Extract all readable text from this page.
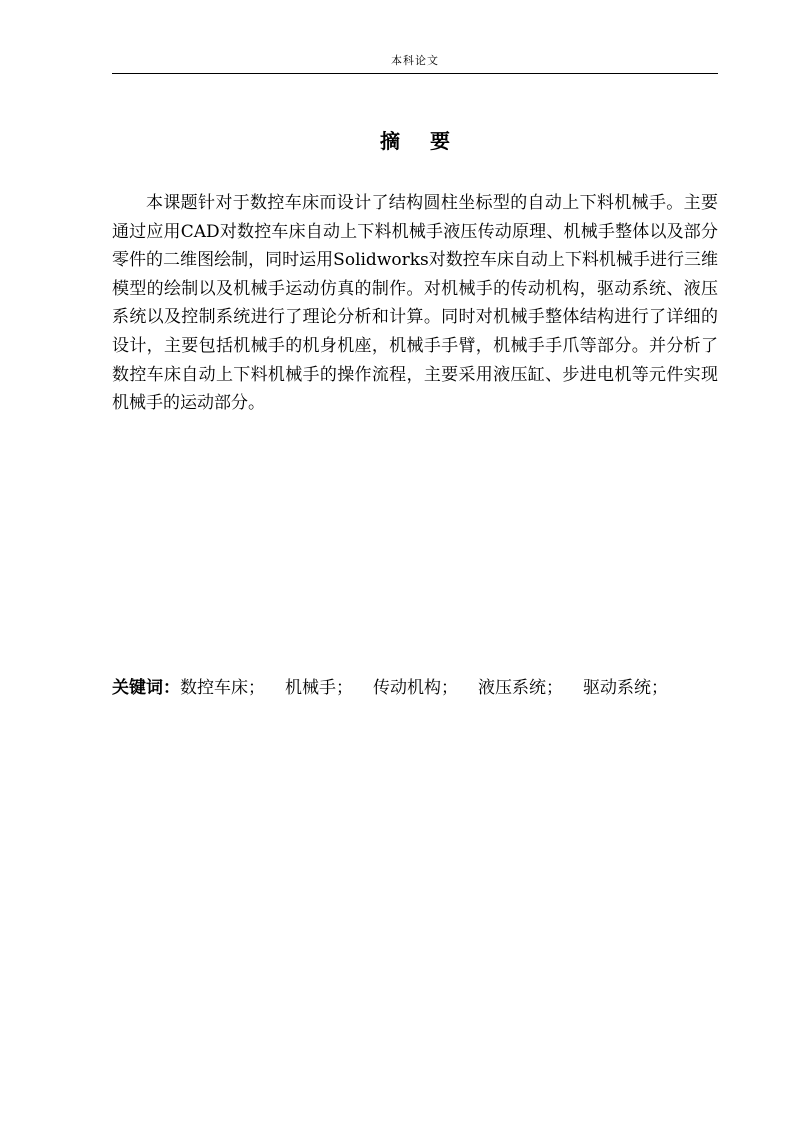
本科论文
摘 要

本课题针对于数控车床而设计了结构圆柱坐标型的自动上下料机械手。主要通过应用CAD对数控车床自动上下料机械手液压传动原理、机械手整体以及部分零件的二维图绘制，同时运用Solidworks对数控车床自动上下料机械手进行三维模型的绘制以及机械手运动仿真的制作。对机械手的传动机构，驱动系统、液压系统以及控制系统进行了理论分析和计算。同时对机械手整体结构进行了详细的设计，主要包括机械手的机身机座，机械手手臂，机械手手爪等部分。并分析了数控车床自动上下料机械手的操作流程，主要采用液压缸、步进电机等元件实现机械手的运动部分。

关键词：数控车床； 机械手； 传动机构； 液压系统； 驱动系统；
